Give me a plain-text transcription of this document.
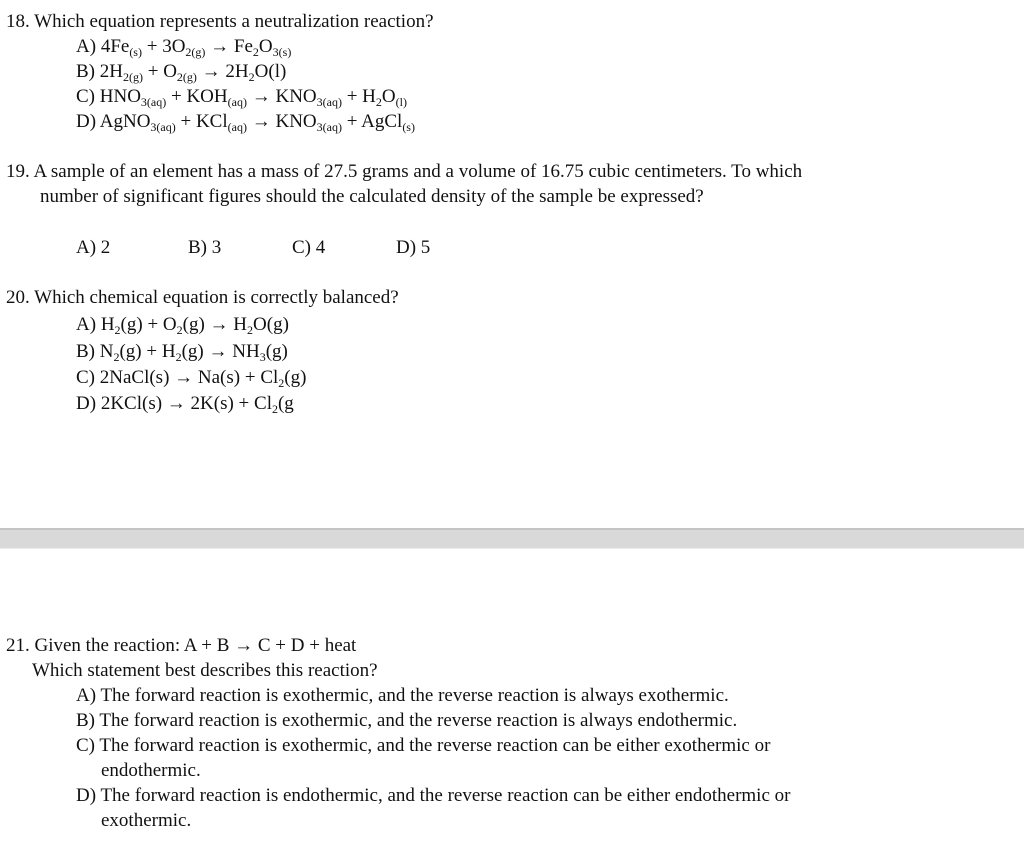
18. Which equation represents a neutralization reaction?
A) $4Fe_{(s)} + 3O_{2(g)} \to Fe_2O_{3(s)}$
B) $2H_{2(g)} + O_{2(g)} \to 2H_2O(l)$
C) $HNO_{3(aq)} + KOH_{(aq)} \to KNO_{3(aq)} + H_2O_{(l)}$
D) AgNO$_{3(aq)}$ + $KCl_{(aq)} \to KNO_{3(aq)}$ + AgCl$_{(s)}$
19. A sample of an element has a mass of 27.5 grams and a volume of 16.75 cubic centimeters. To which
number of significant figures should the calculated density of the sample be expressed?
A) 2	B) 3	C) 4	D) 5
20. Which chemical equation is correctly balanced?
A) $H_2(g) + O_2(g) \to H_2O(g)$
B) $N_2(g) + H_2(g) \to NH_3(g)$
C) 2NaCl(s) → $Na(s) + Cl_2(g)$
D) $2KCl(s) \to 2K(s) + Cl_2(g$
21. Given the reaction: A + B → C + D + heat
Which statement best describes this reaction?
A) The forward reaction is exothermic, and the reverse reaction is always exothermic.
B) The forward reaction is exothermic, and the reverse reaction is always endothermic.
C) The forward reaction is exothermic, and the reverse reaction can be either exothermic or
endothermic.
D) The forward reaction is endothermic, and the reverse reaction can be either endothermic or
exothermic.
